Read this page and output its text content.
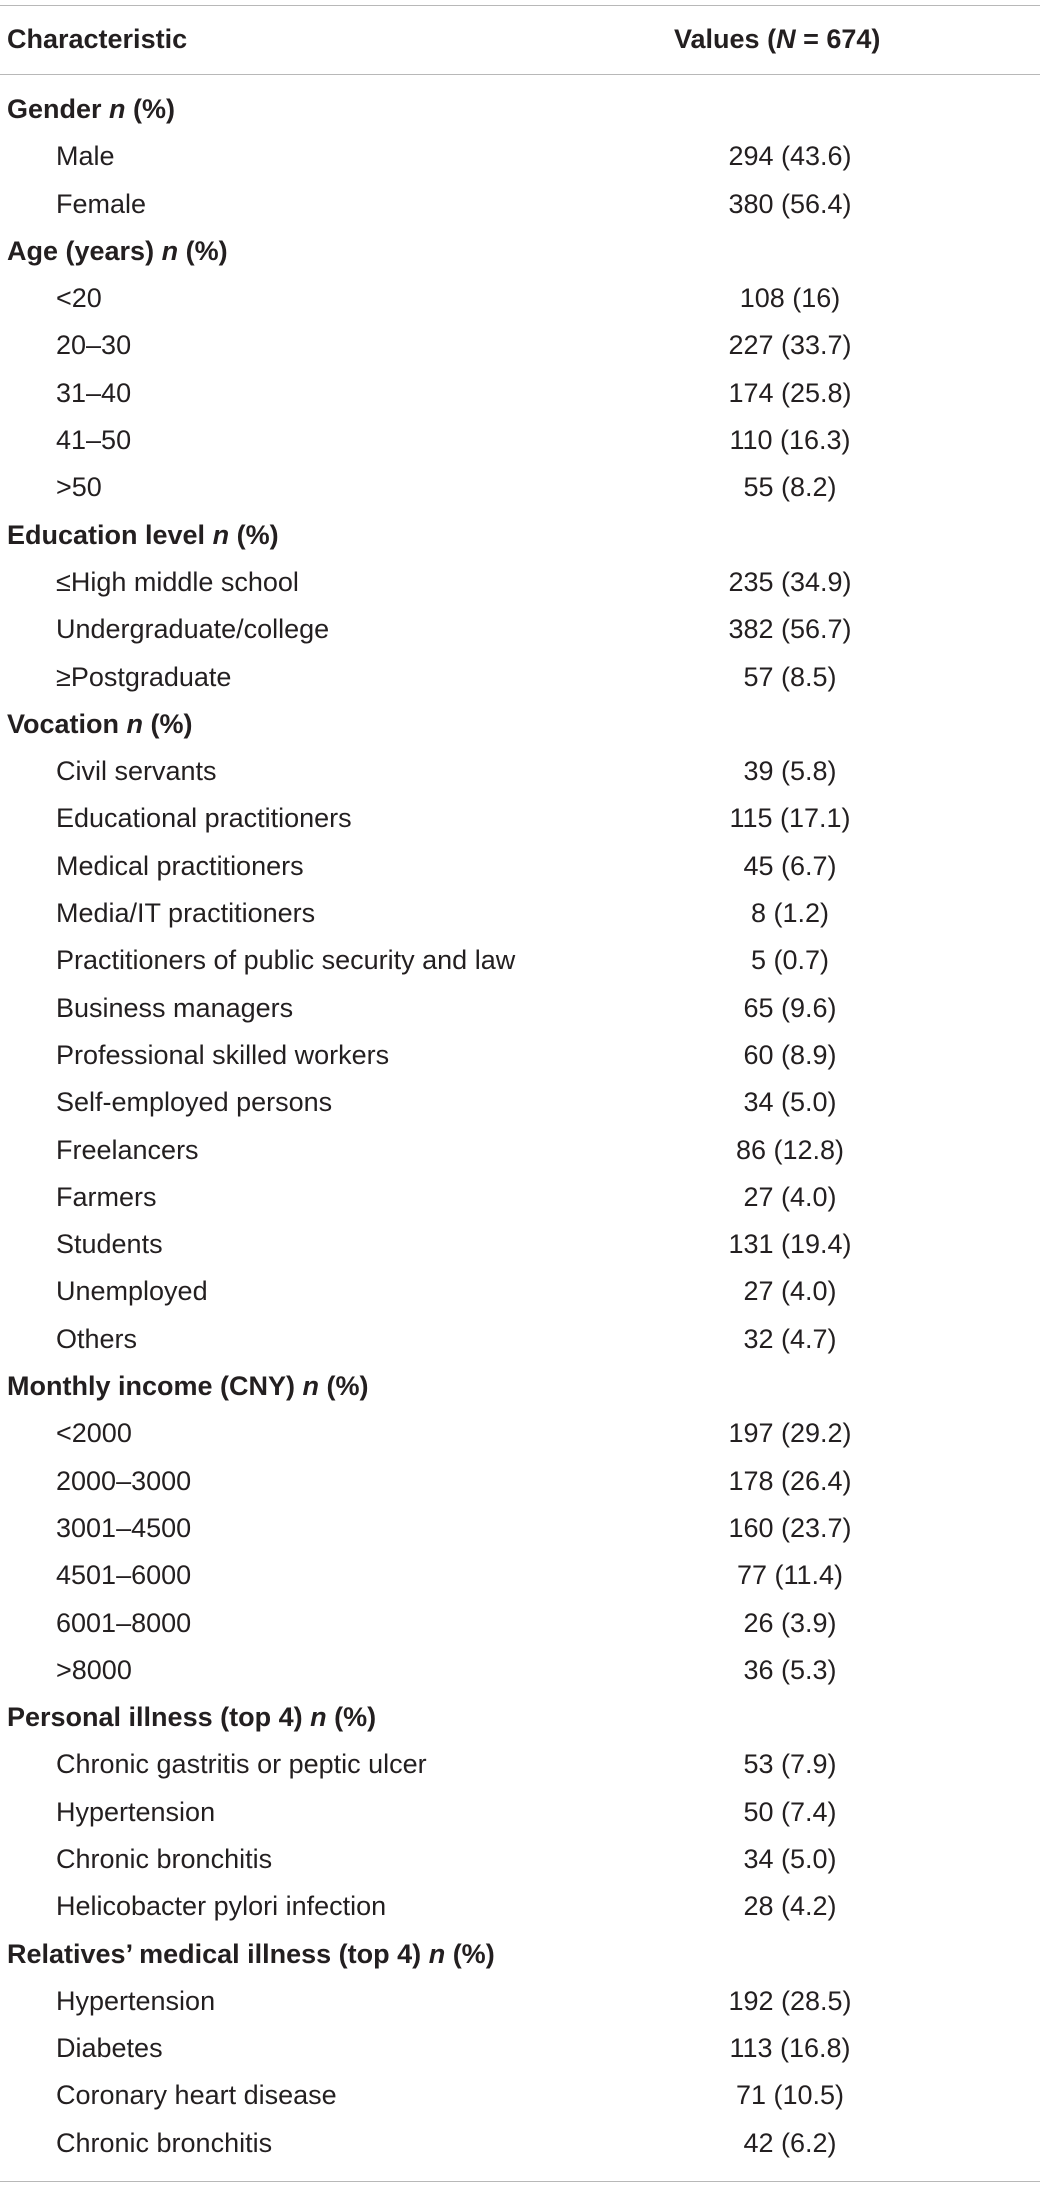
Characteristic	Values (N = 674)
Gender n (%)
Male	294 (43.6)
Female	380 (56.4)
Age (years) n (%)
<20	108 (16)
20–30	227 (33.7)
31–40	174 (25.8)
41–50	110 (16.3)
>50	55 (8.2)
Education level n (%)
≤High middle school	235 (34.9)
Undergraduate/college	382 (56.7)
≥Postgraduate	57 (8.5)
Vocation n (%)
Civil servants	39 (5.8)
Educational practitioners	115 (17.1)
Medical practitioners	45 (6.7)
Media/IT practitioners	8 (1.2)
Practitioners of public security and law	5 (0.7)
Business managers	65 (9.6)
Professional skilled workers	60 (8.9)
Self-employed persons	34 (5.0)
Freelancers	86 (12.8)
Farmers	27 (4.0)
Students	131 (19.4)
Unemployed	27 (4.0)
Others	32 (4.7)
Monthly income (CNY) n (%)
<2000	197 (29.2)
2000–3000	178 (26.4)
3001–4500	160 (23.7)
4501–6000	77 (11.4)
6001–8000	26 (3.9)
>8000	36 (5.3)
Personal illness (top 4) n (%)
Chronic gastritis or peptic ulcer	53 (7.9)
Hypertension	50 (7.4)
Chronic bronchitis	34 (5.0)
Helicobacter pylori infection	28 (4.2)
Relatives’ medical illness (top 4) n (%)
Hypertension	192 (28.5)
Diabetes	113 (16.8)
Coronary heart disease	71 (10.5)
Chronic bronchitis	42 (6.2)
